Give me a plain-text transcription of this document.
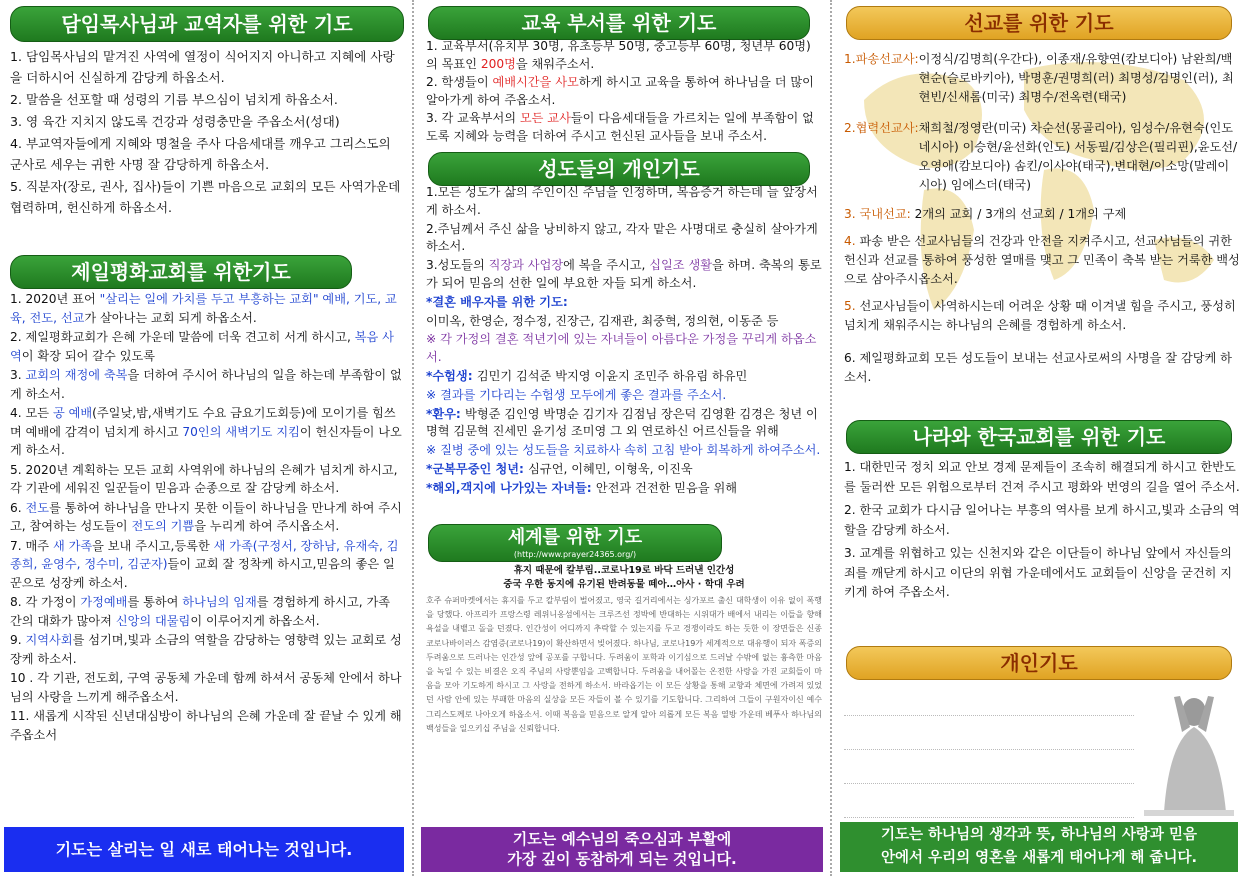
담임목사님과 교역자를 위한 기도
1. 담임목사님의 맡겨진 사역에 열정이 식어지지 아니하고 지혜에 사랑을 더하시어 신실하게 감당케 하옵소서.
2. 말씀을 선포할 때 성령의 기름 부으심이 넘치게 하옵소서.
3. 영 육간 지치지 않도록 건강과 성령충만을 주옵소서(성대)
4. 부교역자들에게 지혜와 명철을 주사 다음세대를 깨우고 그리스도의 군사로 세우는 귀한 사명 잘 감당하게 하옵소서.
5. 직분자(장로, 권사, 집사)들이 기쁜 마음으로 교회의 모든 사역가운데 협력하며, 헌신하게 하옵소서.
제일평화교회를 위한기도
1. 2020년 표어 "살리는 일에 가치를 두고 부흥하는 교회" 예배, 기도, 교육, 전도, 선교가 살아나는 교회 되게 하옵소서.
2. 제일평화교회가 은혜 가운데 말씀에 더욱 견고히 서게 하시고, 복음 사역이 확장 되어 갈수 있도록
3. 교회의 재정에 축복을 더하여 주시어 하나님의 일을 하는데 부족함이 없게 하소서.
4. 모든 공 예배(주일낮,밤,새벽기도 수요 금요기도회등)에 모이기를 힘쓰며 예배에 감격이 넘치게 하시고 70인의 새벽기도 지킴이 헌신자들이 나오게 하소서.
5. 2020년 계획하는 모든 교회 사역위에 하나님의 은혜가 넘치게 하시고, 각 기관에 세워진 일꾼들이 믿음과 순종으로 잘 감당케 하소서.
6. 전도를 통하여 하나님을 만나지 못한 이들이 하나님을 만나게 하여 주시고, 참여하는 성도들이 전도의 기쁨을 누리게 하여 주시옵소서.
7. 매주 새 가족을 보내 주시고,등록한 새 가족(구정서, 장하남, 유재숙, 김종희, 윤영수, 정수미, 김군자)들이 교회 잘 정착케 하시고,믿음의 좋은 일꾼으로 성장케 하소서.
8. 각 가정이 가정예배를 통하여 하나님의 임재를 경험하게 하시고, 가족 간의 대화가 많아져 신앙의 대물림이 이루어지게 하옵소서.
9. 지역사회를 섬기며,빛과 소금의 역할을 감당하는 영향력 있는 교회로 성장케 하소서.
10 . 각 기관, 전도회, 구역 공동체 가운데 함께 하셔서 공동체 안에서 하나님의 사랑을 느끼게 해주옵소서.
11. 새롭게 시작된 신년대심방이 하나님의 은혜 가운데 잘 끝날 수 있게 해 주옵소서
기도는 살리는 일 새로 태어나는 것입니다.
교육 부서를 위한 기도
1. 교육부서(유치부 30명, 유초등부 50명, 중고등부 60명, 청년부 60명)의 목표인 200명을 채워주소서.
2. 학생들이 예배시간을 사모하게 하시고 교육을 통하여 하나님을 더 많이 알아가게 하여 주옵소서.
3. 각 교육부서의 모든 교사들이 다음세대들을 가르치는 일에 부족함이 없도록 지혜와 능력을 더하여 주시고 헌신된 교사들을 보내 주소서.
성도들의 개인기도
1.모든 성도가 삶의 주인이신 주님을 인정하며, 복음증거 하는데 늘 앞장서게 하소서.
2.주님께서 주신 삶을 낭비하지 않고, 각자 맡은 사명대로 충실히 살아가게 하소서.
3.성도들의 직장과 사업장에 복을 주시고, 십일조 생활을 하며. 축복의 통로가 되어 믿음의 선한 일에 부요한 자들 되게 하소서.
*결혼 배우자를 위한 기도:
이미옥, 한영순, 정수정, 진장근, 김재관, 최중혁, 정의현, 이동준 등
※ 각 가정의 결혼 적년기에 있는 자녀들이 아름다운 가정을 꾸리게 하옵소서.
*수험생: 김민기 김석준 박지영 이윤지 조민주 하유림 하유민
※ 결과를 기다리는 수험생 모두에게 좋은 결과를 주소서.
*환우: 박형준 김인영 박명순 김기자 김점님 장은덕 김영환 김경은 청년 이명혁 김문혁 진세민 윤기성 조미영 그 외 연로하신 어르신들을 위해
※ 질병 중에 있는 성도들을 치료하사 속히 고침 받아 회복하게 하여주소서.
*군복무중인 청년: 심규언, 이혜민, 이형욱, 이진욱
*해외,객지에 나가있는 자녀들: 안전과 건전한 믿음을 위해
세계를 위한 기도
(http://www.prayer24365.org/)
휴지 때문에 칼부림..코로나19로 바닥 드러낸 인간성
중국 우한 동지에 유기된 반려동물 떼아…아사 · 학대 우려
호주 슈퍼마켓에서는 휴지를 두고 칼부림이 벌어졌고, 영국 길거리에서는 싱가포르 출신 대학생이 이유 없이 폭행을 당했다. 아프리카 프랑스령 레위니옹섬에서는 크루즈선 정박에 반대하는 시위대가 배에서 내리는 이들을 향해 욕설을 내뱉고 돌을 던졌다. 인간성이 어디까지 추락할 수 있는지를 두고 경쟁이라도 하는 듯한 이 장면들은 신종 코로나바이러스 감염증(코로나19)이 확산하면서 빚어졌다. 하나님, 코로나19가 세계적으로 대유행이 되자 폭증의 두려움으로 드러나는 인간성 앞에 공포를 구합니다. 두려움이 포학과 이기심으로 드러날 수밖에 없는 흉측한 마음을 녹일 수 있는 비결은 오직 주님의 사랑뿐임을 고백합니다. 두려움을 내어몰는 온전한 사랑을 가진 교회들이 마음을 모아 기도하게 하시고 그 사랑을 전하게 하소서. 바라옵기는 이 모든 상황을 통해 교향과 체면에 가려져 있었던 사람 안에 있는 부패한 마음의 실상을 모든 자들이 볼 수 있기를 기도합니다. 그리하여 그들이 구원자이신 예수 그리스도께로 나아오게 하옵소서. 이때 복음을 믿음으로 알게 알아 의롭게 모든 복음 열방 가운데 베푸사 하나님의 백성들을 일으키십 주님을 신뢰합니다.
기도는 예수님의 죽으심과 부활에
가장 깊이 동참하게 되는 것입니다.
선교를 위한 기도
1. 파송선교사: 이정식/김명희(우간다), 이종재/유향연(캄보디아) 남완희/백현순(슬로바키아), 박명훈/권명희(러) 최명성/김명인(러), 최현빈/신새롬(미국) 최명수/전옥련(태국)
2. 협력선교사: 채희철/정영란(미국) 차순선(몽골리아), 임성수/유현숙(인도네시아) 이승현/윤선화(인도) 서동필/김상은(필리핀),윤도선/오영애(캄보디아) 솜킨/이사야(태국),변대현/이소망(말레이시아) 임에스더(태국)
3. 국내선교: 2개의 교회 / 3개의 선교회 / 1개의 구제
4. 파송 받은 선교사님들의 건강과 안전을 지켜주시고, 선교사님들의 귀한 헌신과 선교를 통하여 풍성한 열매를 맺고 그 민족이 축복 받는 거룩한 백성으로 삼아주시옵소서.
5. 선교사님들이 사역하시는데 어려운 상황 때 이겨낼 힘을 주시고, 풍성히 넘치게 채워주시는 하나님의 은혜를 경험하게 하소서.
6. 제일평화교회 모든 성도들이 보내는 선교사로써의 사명을 잘 감당케 하소서.
나라와 한국교회를 위한 기도
1. 대한민국 정치 외교 안보 경제 문제들이 조속히 해결되게 하시고 한반도를 둘러싼 모든 위험으로부터 건져 주시고 평화와 번영의 길을 열어 주소서.
2. 한국 교회가 다시금 일어나는 부흥의 역사를 보게 하시고,빛과 소금의 역할을 감당케 하소서.
3. 교계를 위협하고 있는 신천지와 같은 이단들이 하나님 앞에서 자신들의 죄를 깨닫게 하시고 이단의 위협 가운데에서도 교회들이 신앙을 굳건히 지키게 하여 주옵소서.
개인기도
기도는 하나님의 생각과 뜻, 하나님의 사랑과 믿음
안에서 우리의 영혼을 새롭게 태어나게 해 줍니다.
